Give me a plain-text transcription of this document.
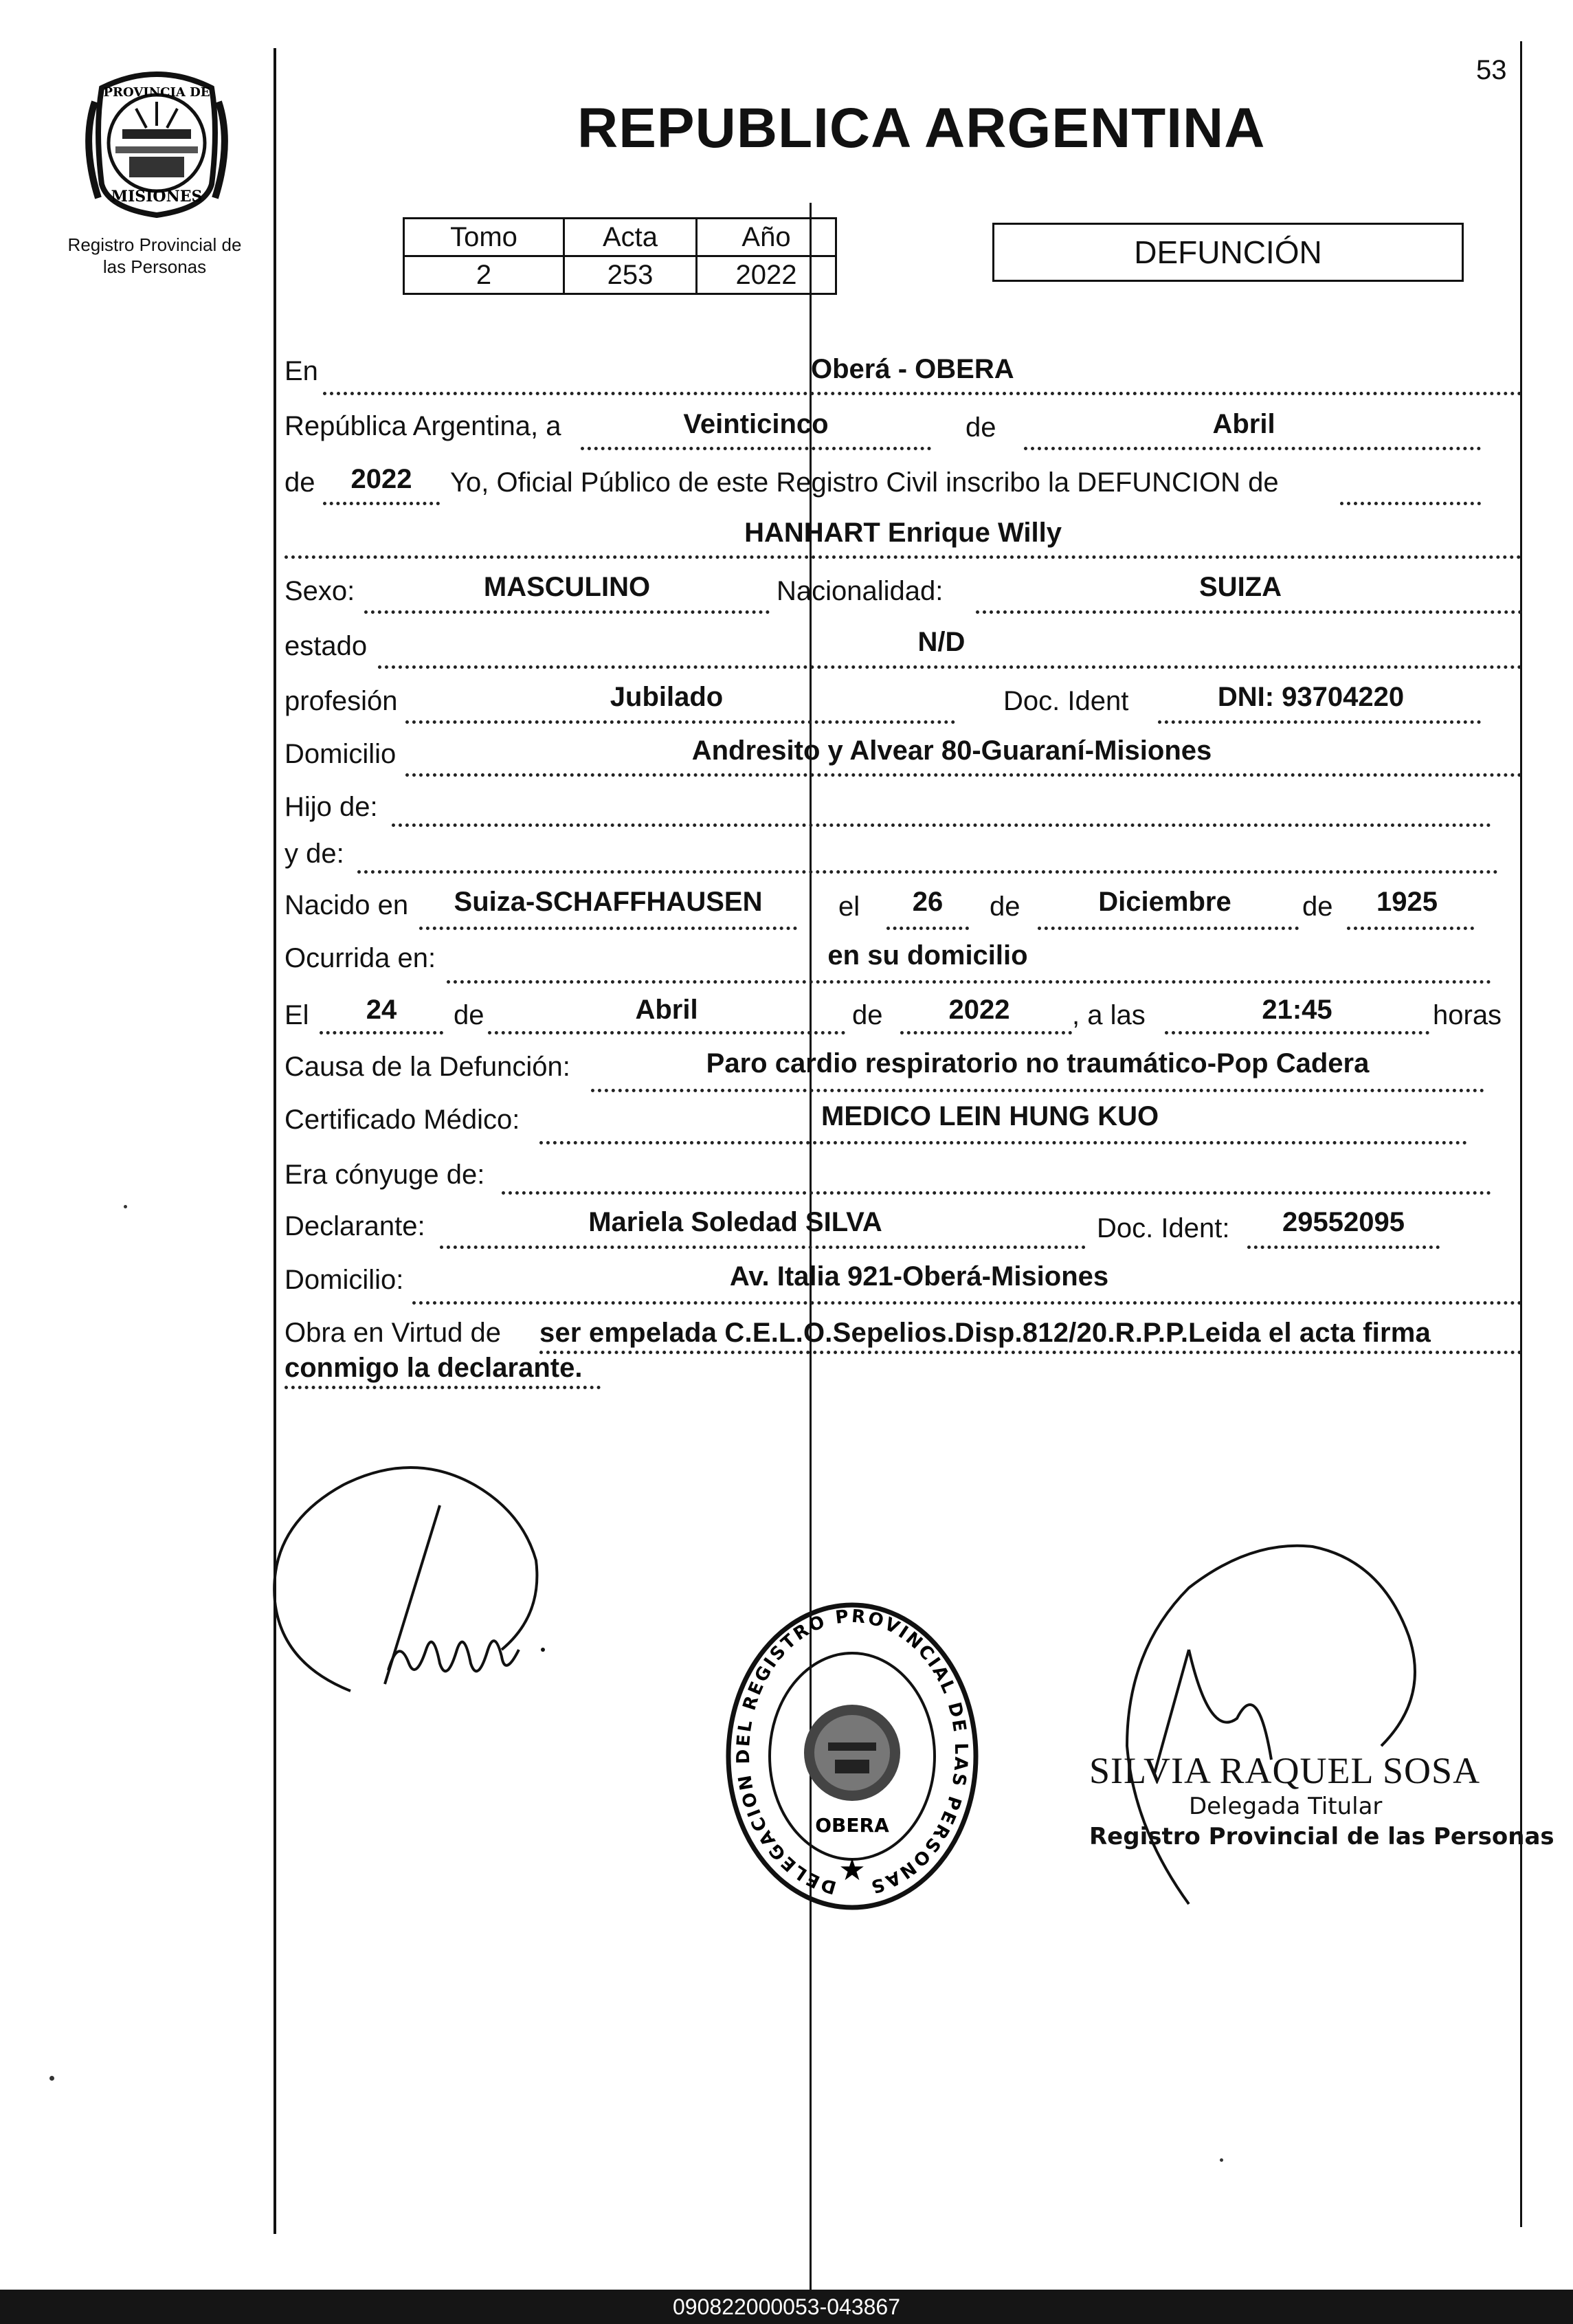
53
PROVINCIA DE
MISIONES
Registro Provincial de
las Personas
REPUBLICA ARGENTINA
Tomo	Acta	Año
2	253	2022
DEFUNCIÓN
En	Oberá - OBERA
República Argentina, a	Veinticinco	de	Abril
de	2022	Yo, Oficial Público de este Registro Civil inscribo la DEFUNCION de
HANHART Enrique Willy
Sexo:	MASCULINO	Nacionalidad:	SUIZA
estado	N/D
profesión	Jubilado	Doc. Ident	DNI: 93704220
Domicilio	Andresito y Alvear 80-Guaraní-Misiones
Hijo de:
y de:
Nacido en	Suiza-SCHAFFHAUSEN	el	26	de	Diciembre	de	1925
Ocurrida en:	en su domicilio
El	24	de	Abril	de	2022	, a las	21:45	horas
Causa de la Defunción:	Paro cardio respiratorio no traumático-Pop Cadera
Certificado Médico:	MEDICO LEIN HUNG KUO
Era cónyuge de:
Declarante:	Mariela Soledad SILVA	Doc. Ident:	29552095
Domicilio:	Av. Italia 921-Oberá-Misiones
Obra en Virtud de ser empelada C.E.L.O.Sepelios.Disp.812/20.R.P.P.Leida el acta firma
conmigo la declarante.
DELEGACION DEL REGISTRO PROVINCIAL DE LAS PERSONAS
OBERA
★
SILVIA RAQUEL SOSA
Delegada Titular
Registro Provincial de las Personas
090822000053-043867
